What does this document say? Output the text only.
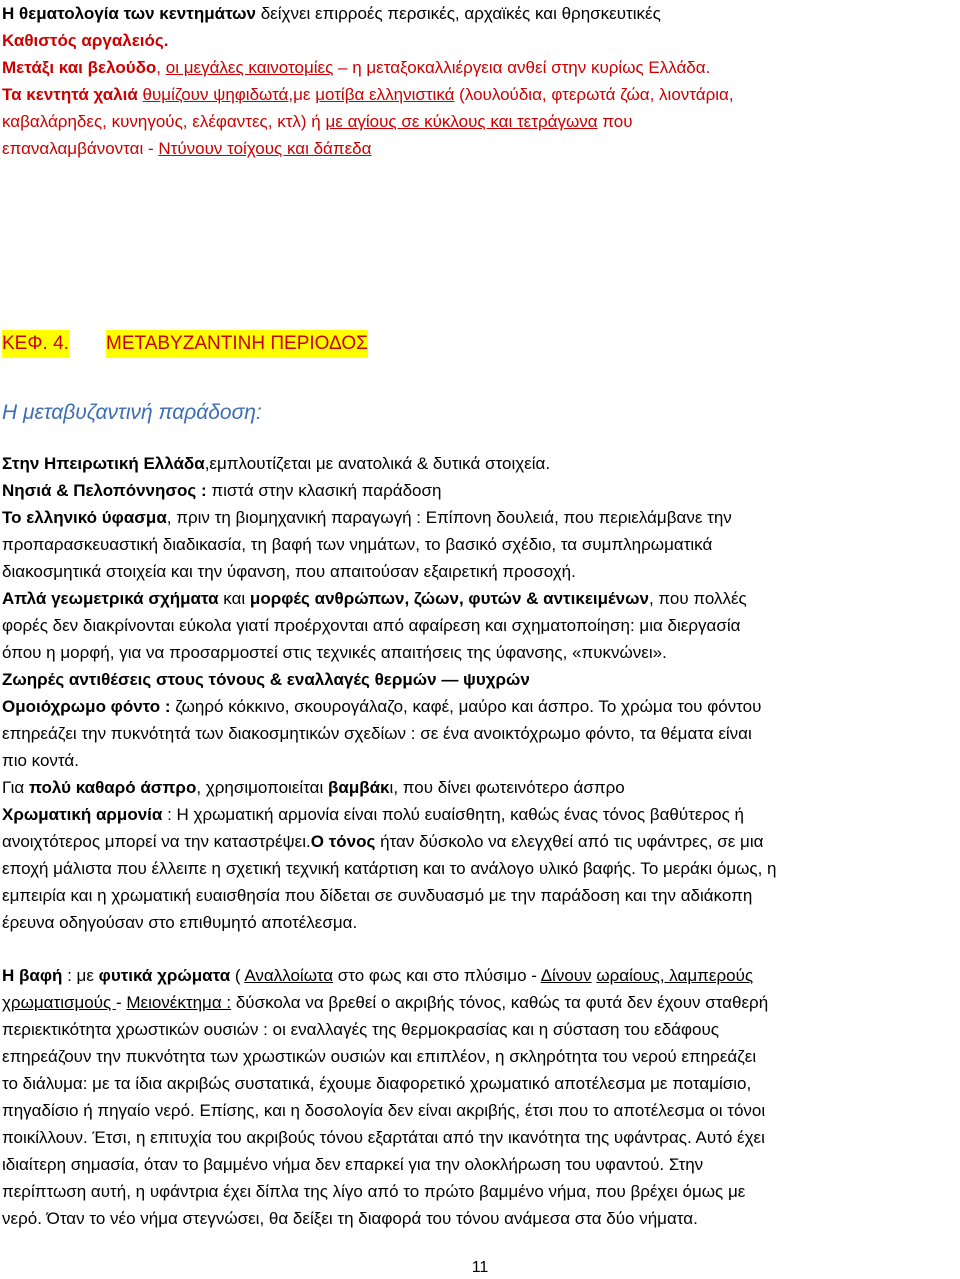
Η θεματολογία των κεντημάτων δείχνει επιρροές περσικές, αρχαϊκές και θρησκευτικές
Καθιστός αργαλειός.
Μετάξι και βελούδο, οι μεγάλες καινοτομίες – η μεταξοκαλλιέργεια ανθεί στην κυρίως Ελλάδα.
Τα κεντητά χαλιά θυμίζουν ψηφιδωτά,με μοτίβα ελληνιστικά (λουλούδια, φτερωτά ζώα, λιοντάρια,
καβαλάρηδες, κυνηγούς, ελέφαντες, κτλ) ή με αγίους σε κύκλους και τετράγωνα που
επαναλαμβάνονται - Ντύνουν τοίχους και δάπεδα
ΚΕΦ. 4. ΜΕΤΑΒΥΖΑΝΤΙΝΗ ΠΕΡΙΟΔΟΣ
Η μεταβυζαντινή παράδοση:
Στην Ηπειρωτική Ελλάδα,εμπλουτίζεται με ανατολικά & δυτικά στοιχεία.
Νησιά & Πελοπόννησος : πιστά στην κλασική παράδοση
Το ελληνικό ύφασμα, πριν τη βιομηχανική παραγωγή : Επίπονη δουλειά, που περιελάμβανε την
προπαρασκευαστική διαδικασία, τη βαφή των νημάτων, το βασικό σχέδιο, τα συμπληρωματικά
διακοσμητικά στοιχεία και την ύφανση, που απαιτούσαν εξαιρετική προσοχή.
Απλά γεωμετρικά σχήματα και μορφές ανθρώπων, ζώων, φυτών & αντικειμένων, που πολλές
φορές δεν διακρίνονται εύκολα γιατί προέρχονται από αφαίρεση και σχηματοποίηση: μια διεργασία
όπου η μορφή, για να προσαρμοστεί στις τεχνικές απαιτήσεις της ύφανσης, «πυκνώνει».
Ζωηρές αντιθέσεις στους τόνους & εναλλαγές θερμών — ψυχρών
Ομοιόχρωμο φόντο : ζωηρό κόκκινο, σκουρογάλαζο, καφέ, μαύρο και άσπρο. Το χρώμα του φόντου
επηρεάζει την πυκνότητά των διακοσμητικών σχεδίων : σε ένα ανοικτόχρωμο φόντο, τα θέματα είναι
πιο κοντά.
Για πολύ καθαρό άσπρο, χρησιμοποιείται βαμβάκι, που δίνει φωτεινότερο άσπρο
Χρωματική αρμονία : Η χρωματική αρμονία είναι πολύ ευαίσθητη, καθώς ένας τόνος βαθύτερος ή
ανοιχτότερος μπορεί να την καταστρέψει.Ο τόνος ήταν δύσκολο να ελεγχθεί από τις υφάντρες, σε μια
εποχή μάλιστα που έλλειπε η σχετική τεχνική κατάρτιση και το ανάλογο υλικό βαφής. Το μεράκι όμως, η
εμπειρία και η χρωματική ευαισθησία που δίδεται σε συνδυασμό με την παράδοση και την αδιάκοπη
έρευνα οδηγούσαν στο επιθυμητό αποτέλεσμα.
Η βαφή : με φυτικά χρώματα ( Αναλλοίωτα στο φως και στο πλύσιμο - Δίνουν ωραίους, λαμπερούς
χρωματισμούς - Μειονέκτημα : δύσκολα να βρεθεί ο ακριβής τόνος, καθώς τα φυτά δεν έχουν σταθερή
περιεκτικότητα χρωστικών ουσιών : οι εναλλαγές της θερμοκρασίας και η σύσταση του εδάφους
επηρεάζουν την πυκνότητα των χρωστικών ουσιών και επιπλέον, η σκληρότητα του νερού επηρεάζει
το διάλυμα: με τα ίδια ακριβώς συστατικά, έχουμε διαφορετικό χρωματικό αποτέλεσμα με ποταμίσιο,
πηγαδίσιο ή πηγαίο νερό. Επίσης, και η δοσολογία δεν είναι ακριβής, έτσι που το αποτέλεσμα οι τόνοι
ποικίλλουν. Έτσι, η επιτυχία του ακριβούς τόνου εξαρτάται από την ικανότητα της υφάντρας. Αυτό έχει
ιδιαίτερη σημασία, όταν το βαμμένο νήμα δεν επαρκεί για την ολοκλήρωση του υφαντού. Στην
περίπτωση αυτή, η υφάντρια έχει δίπλα της λίγο από το πρώτο βαμμένο νήμα, που βρέχει όμως με
νερό. Όταν το νέο νήμα στεγνώσει, θα δείξει τη διαφορά του τόνου ανάμεσα στα δύο νήματα.
11
